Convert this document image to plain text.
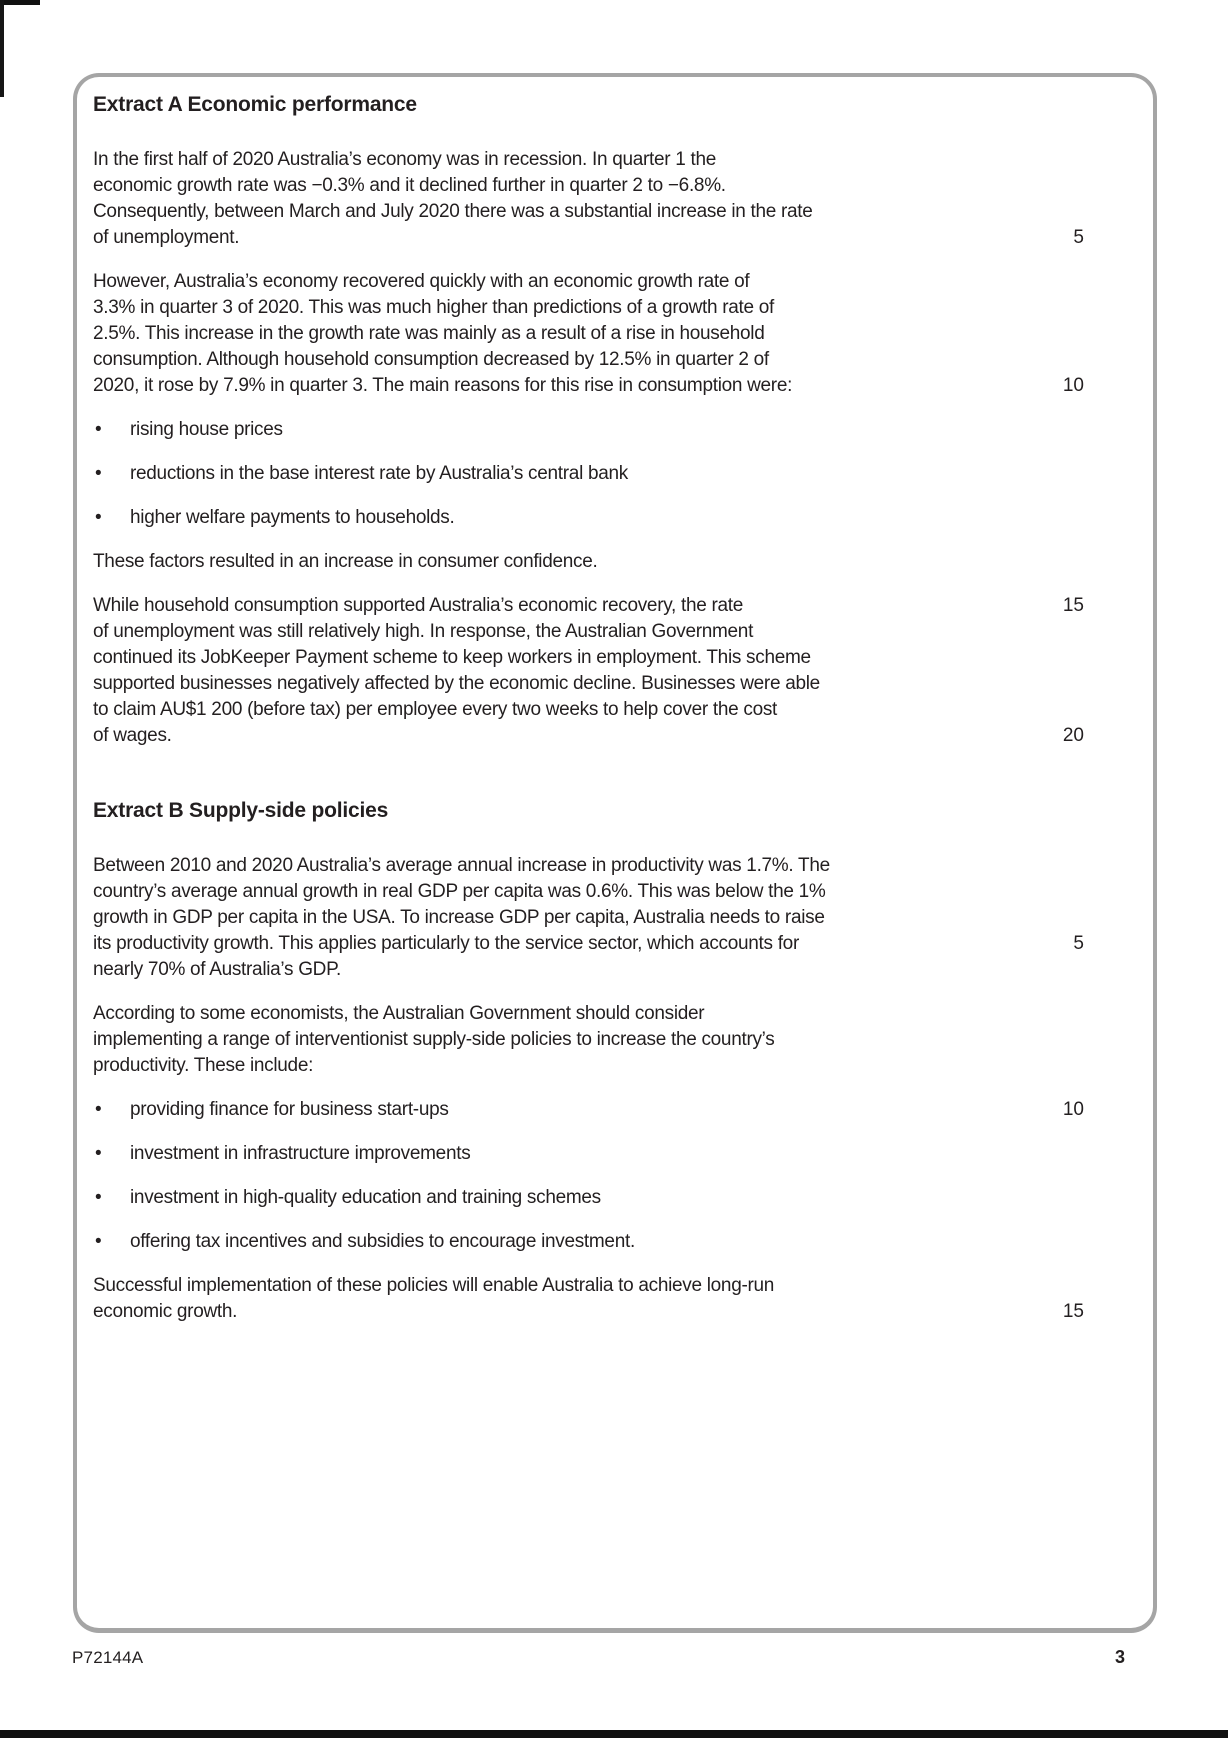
Extract A Economic performance
In the first half of 2020 Australia’s economy was in recession. In quarter 1 the
economic growth rate was −0.3% and it declined further in quarter 2 to −6.8%.
Consequently, between March and July 2020 there was a substantial increase in the rate
of unemployment.	5
However, Australia’s economy recovered quickly with an economic growth rate of
3.3% in quarter 3 of 2020. This was much higher than predictions of a growth rate of
2.5%. This increase in the growth rate was mainly as a result of a rise in household
consumption. Although household consumption decreased by 12.5% in quarter 2 of
2020, it rose by 7.9% in quarter 3. The main reasons for this rise in consumption were:	10
•	rising house prices
•	reductions in the base interest rate by Australia’s central bank
•	higher welfare payments to households.
These factors resulted in an increase in consumer confidence.
While household consumption supported Australia’s economic recovery, the rate
of unemployment was still relatively high. In response, the Australian Government
continued its JobKeeper Payment scheme to keep workers in employment. This scheme
supported businesses negatively affected by the economic decline. Businesses were able
to claim AU$1 200 (before tax) per employee every two weeks to help cover the cost
of wages.
15
20
Extract B Supply-side policies
Between 2010 and 2020 Australia’s average annual increase in productivity was 1.7%. The
country’s average annual growth in real GDP per capita was 0.6%. This was below the 1%
growth in GDP per capita in the USA. To increase GDP per capita, Australia needs to raise
its productivity growth. This applies particularly to the service sector, which accounts for
nearly 70% of Australia’s GDP.
5
According to some economists, the Australian Government should consider
implementing a range of interventionist supply-side policies to increase the country’s
productivity. These include:
•	providing finance for business start-ups	10
•	investment in infrastructure improvements
•	investment in high-quality education and training schemes
•	offering tax incentives and subsidies to encourage investment.
Successful implementation of these policies will enable Australia to achieve long-run
economic growth.	15
P72144A	3
